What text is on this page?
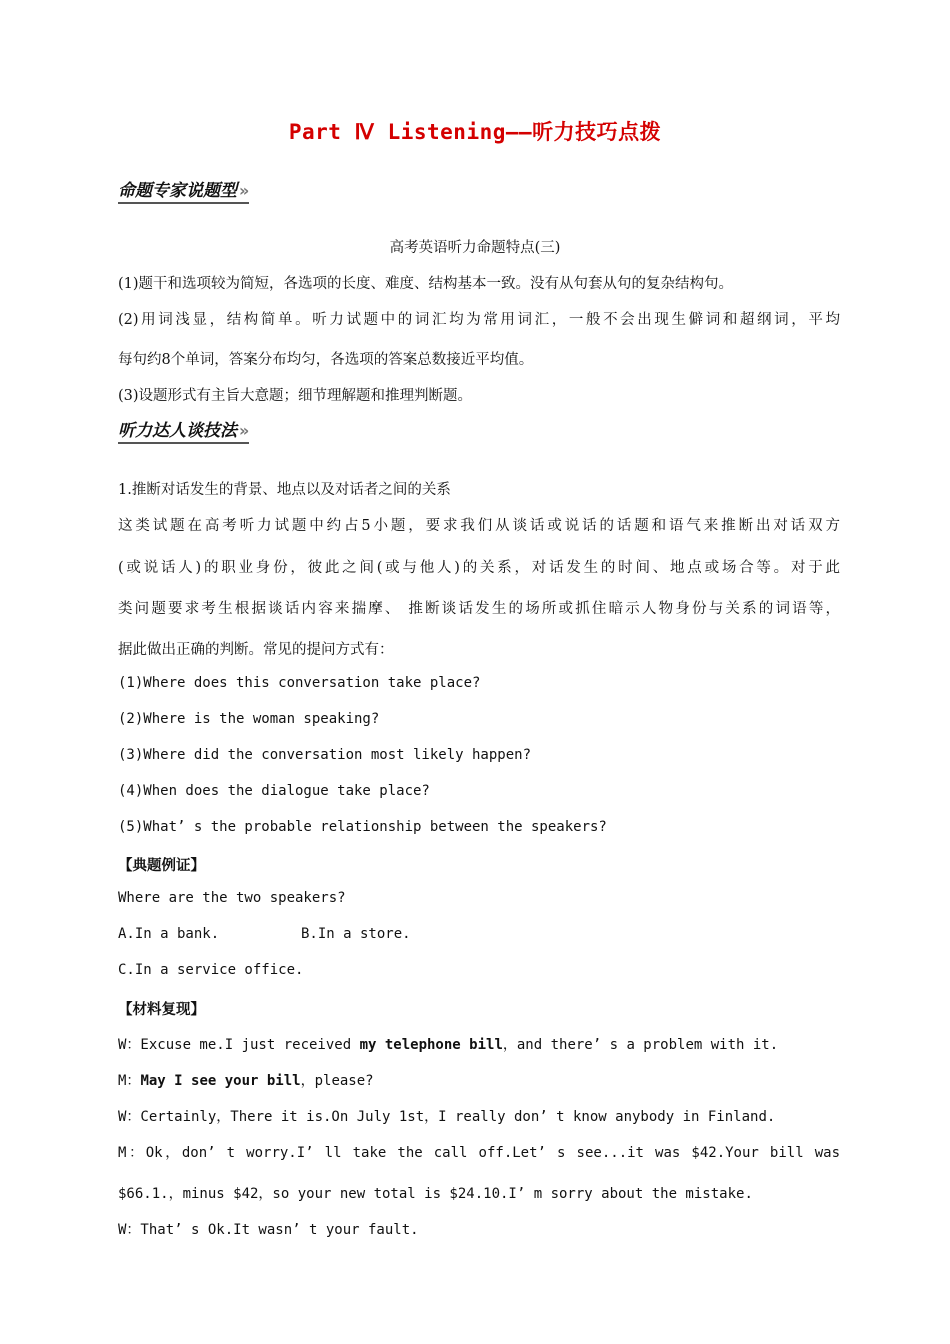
Part Ⅳ Listening——听力技巧点拨
命题专家说题型 »
高考英语听力命题特点(三)
(1)题干和选项较为简短，各选项的长度、难度、结构基本一致。没有从句套从句的复杂结构句。
(2)用词浅显，结构简单。听力试题中的词汇均为常用词汇，一般不会出现生僻词和超纲词，平均
每句约8个单词，答案分布均匀，各选项的答案总数接近平均值。
(3)设题形式有主旨大意题；细节理解题和推理判断题。
听力达人谈技法 »
1.推断对话发生的背景、地点以及对话者之间的关系
这类试题在高考听力试题中约占5小题，要求我们从谈话或说话的话题和语气来推断出对话双方
(或说话人)的职业身份，彼此之间(或与他人)的关系，对话发生的时间、地点或场合等。对于此
类问题要求考生根据谈话内容来揣摩、 推断谈话发生的场所或抓住暗示人物身份与关系的词语等，
据此做出正确的判断。常见的提问方式有：
(1)Where does this conversation take place?
(2)Where is the woman speaking?
(3)Where did the conversation most likely happen?
(4)When does the dialogue take place?
(5)What’ s the probable relationship between the speakers?
【典题例证】
Where are the two speakers?
A.In a bank.	B.In a store.
C.In a service office.
【材料复现】
W：Excuse me.I just received my telephone bill，and there’ s a problem with it.
M：May I see your bill，please?
W：Certainly，There it is.On July 1st，I really don’ t know anybody in Finland.
M：Ok，don’ t worry.I’ ll take the call off.Let’ s see...it was $42.Your bill was
$66.1.，minus $42，so your new total is $24.10.I’ m sorry about the mistake.
W：That’ s Ok.It wasn’ t your fault.
